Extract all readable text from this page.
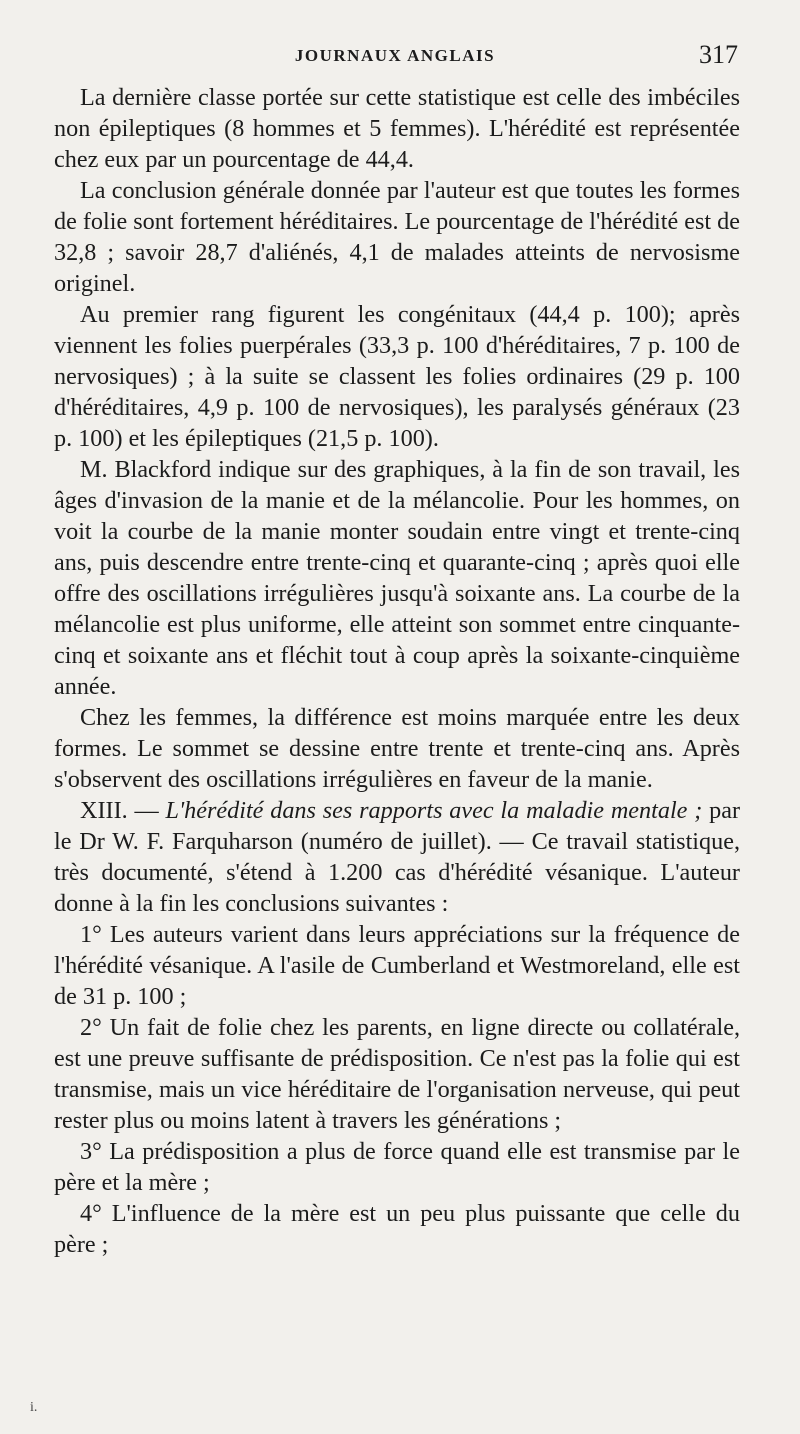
JOURNAUX ANGLAIS	317

La dernière classe portée sur cette statistique est celle des imbéciles non épileptiques (8 hommes et 5 femmes). L'hérédité est représentée chez eux par un pourcentage de 44,4.

La conclusion générale donnée par l'auteur est que toutes les formes de folie sont fortement héréditaires. Le pourcentage de l'hérédité est de 32,8 ; savoir 28,7 d'aliénés, 4,1 de malades atteints de nervosisme originel.

Au premier rang figurent les congénitaux (44,4 p. 100); après viennent les folies puerpérales (33,3 p. 100 d'héréditaires, 7 p. 100 de nervosiques) ; à la suite se classent les folies ordinaires (29 p. 100 d'héréditaires, 4,9 p. 100 de nervosiques), les paralysés généraux (23 p. 100) et les épileptiques (21,5 p. 100).

M. Blackford indique sur des graphiques, à la fin de son travail, les âges d'invasion de la manie et de la mélancolie. Pour les hommes, on voit la courbe de la manie monter soudain entre vingt et trente-cinq ans, puis descendre entre trente-cinq et quarante-cinq ; après quoi elle offre des oscillations irrégulières jusqu'à soixante ans. La courbe de la mélancolie est plus uniforme, elle atteint son sommet entre cinquante-cinq et soixante ans et fléchit tout à coup après la soixante-cinquième année.

Chez les femmes, la différence est moins marquée entre les deux formes. Le sommet se dessine entre trente et trente-cinq ans. Après s'observent des oscillations irrégulières en faveur de la manie.

XIII. — L'hérédité dans ses rapports avec la maladie mentale ; par le Dr W. F. Farquharson (numéro de juillet). — Ce travail statistique, très documenté, s'étend à 1.200 cas d'hérédité vésanique. L'auteur donne à la fin les conclusions suivantes :

1° Les auteurs varient dans leurs appréciations sur la fréquence de l'hérédité vésanique. A l'asile de Cumberland et Westmoreland, elle est de 31 p. 100 ;

2° Un fait de folie chez les parents, en ligne directe ou collatérale, est une preuve suffisante de prédisposition. Ce n'est pas la folie qui est transmise, mais un vice héréditaire de l'organisation nerveuse, qui peut rester plus ou moins latent à travers les générations ;

3° La prédisposition a plus de force quand elle est transmise par le père et la mère ;

4° L'influence de la mère est un peu plus puissante que celle du père ;

i.
